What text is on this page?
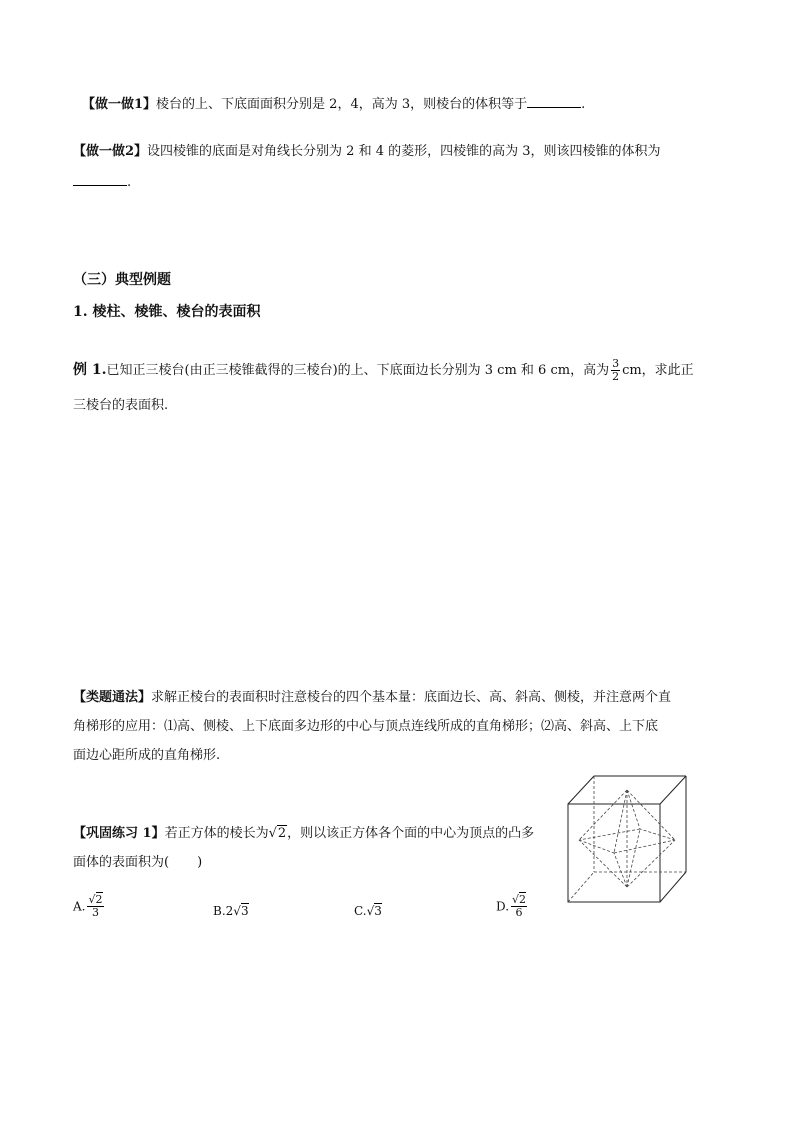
【做一做1】棱台的上、下底面面积分别是 2，4，高为 3，则棱台的体积等于	.
【做一做2】设四棱锥的底面是对角线长分别为 2 和 4 的菱形，四棱锥的高为 3，则该四棱锥的体积为
.
（三）典型例题
1. 棱柱、棱锥、棱台的表面积
例 1.已知正三棱台(由正三棱锥截得的三棱台)的上、下底面边长分别为 3 cm 和 6 cm，高为 $\frac{3}{2}$ cm，求此正
三棱台的表面积.
【类题通法】求解正棱台的表面积时注意棱台的四个基本量：底面边长、高、斜高、侧棱，并注意两个直
角梯形的应用：⑴高、侧棱、上下底面多边形的中心与顶点连线所成的直角梯形；⑵高、斜高、上下底
面边心距所成的直角梯形.
【巩固练习 1】若正方体的棱长为√2，则以该正方体各个面的中心为顶点的凸多
面体的表面积为( )
A. $\frac{√2}{3}$	B.2√3	C.√3	D. $\frac{√2}{6}$
